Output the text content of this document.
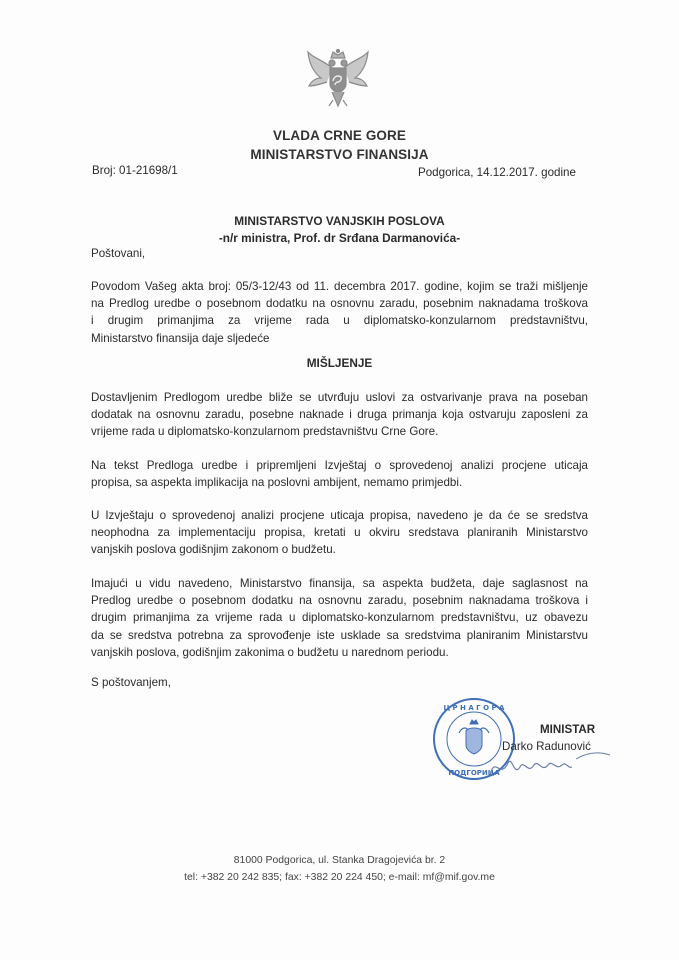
VLADA CRNE GORE
MINISTARSTVO FINANSIJA
Broj: 01-21698/1	Podgorica, 14.12.2017. godine
MINISTARSTVO VANJSKIH POSLOVA
-n/r ministra, Prof. dr Srđana Darmanovića-
Poštovani,
Povodom Vašeg akta broj: 05/3-12/43 od 11. decembra 2017. godine, kojim se traži mišljenje
na Predlog uredbe o posebnom dodatku na osnovnu zaradu, posebnim naknadama troškova
i drugim primanjima za vrijeme rada u diplomatsko-konzularnom predstavništvu,
Ministarstvo finansija daje sljedeće
MIŠLJENJE
Dostavljenim Predlogom uredbe bliže se utvrđuju uslovi za ostvarivanje prava na poseban
dodatak na osnovnu zaradu, posebne naknade i druga primanja koja ostvaruju zaposleni za
vrijeme rada u diplomatsko-konzularnom predstavništvu Crne Gore.
Na tekst Predloga uredbe i pripremljeni Izvještaj o sprovedenoj analizi procjene uticaja
propisa, sa aspekta implikacija na poslovni ambijent, nemamo primjedbi.
U Izvještaju o sprovedenoj analizi procjene uticaja propisa, navedeno je da će se sredstva
neophodna za implementaciju propisa, kretati u okviru sredstava planiranih Ministarstvo
vanjskih poslova godišnjim zakonom o budžetu.
Imajući u vidu navedeno, Ministarstvo finansija, sa aspekta budžeta, daje saglasnost na
Predlog uredbe o posebnom dodatku na osnovnu zaradu, posebnim naknadama troškova i
drugim primanjima za vrijeme rada u diplomatsko-konzularnom predstavništvu, uz obavezu
da se sredstva potrebna za sprovođenje iste usklade sa sredstvima planiranim Ministarstvu
vanjskih poslova, godišnjim zakonima o budžetu u narednom periodu.
S poštovanjem,
Ц Р Н А Г О Р А
ПОДГОРИЦА
MINISTAR
Darko Radunović
81000 Podgorica, ul. Stanka Dragojevića br. 2
tel: +382 20 242 835; fax: +382 20 224 450; e-mail: mf@mif.gov.me
